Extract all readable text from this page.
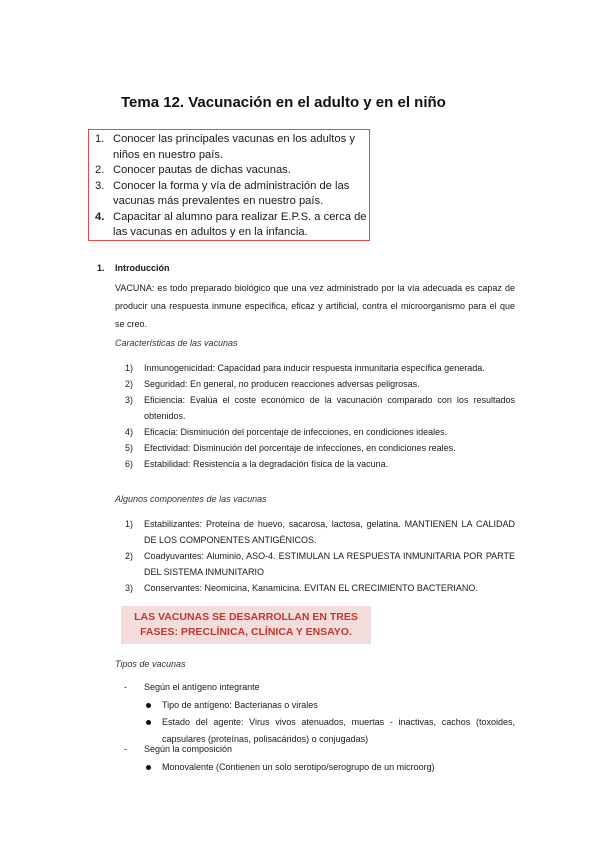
Tema 12. Vacunación en el adulto y en el niño
1. Conocer las principales vacunas en los adultos y niños en nuestro país.
2. Conocer pautas de dichas vacunas.
3. Conocer la forma y vía de administración de las vacunas más prevalentes en nuestro país.
4. Capacitar al alumno para realizar E.P.S. a cerca de las vacunas en adultos y en la infancia.
1. Introducción
VACUNA: es todo preparado biológico que una vez administrado por la vía adecuada es capaz de producir una respuesta inmune específica, eficaz y artificial, contra el microorganismo para el que se creo.
Características de las vacunas
1) Inmunogenicidad: Capacidad para inducir respuesta inmunitaria específica generada.
2) Seguridad: En general, no producen reacciones adversas peligrosas.
3) Eficiencia: Evalúa el coste económico de la vacunación comparado con los resultados obtenidos.
4) Eficacia: Disminución del porcentaje de infecciones, en condiciones ideales.
5) Efectividad: Disminución del porcentaje de infecciones, en condiciones reales.
6) Estabilidad: Resistencia a la degradación física de la vacuna.
Algunos componentes de las vacunas
1) Estabilizantes: Proteína de huevo, sacarosa, lactosa, gelatina. MANTIENEN LA CALIDAD DE LOS COMPONENTES ANTIGÉNICOS.
2) Coadyuvantes: Aluminio, ASO-4. ESTIMULAN LA RESPUESTA INMUNITARIA POR PARTE DEL SISTEMA INMUNITARIO
3) Conservantes: Neomicina, Kanamicina. EVITAN EL CRECIMIENTO BACTERIANO.
LAS VACUNAS SE DESARROLLAN EN TRES
FASES: PRECLÍNICA, CLÍNICA Y ENSAYO.
Tipos de vacunas
- Según el antígeno integrante
Tipo de antígeno: Bacterianas o virales
Estado del agente: Virus vivos atenuados, muertas - inactivas, cachos (toxoides, capsulares (proteínas, polisacáridos) o conjugadas)
- Según la composición
Monovalente (Contienen un solo serotipo/serogrupo de un microorg)
